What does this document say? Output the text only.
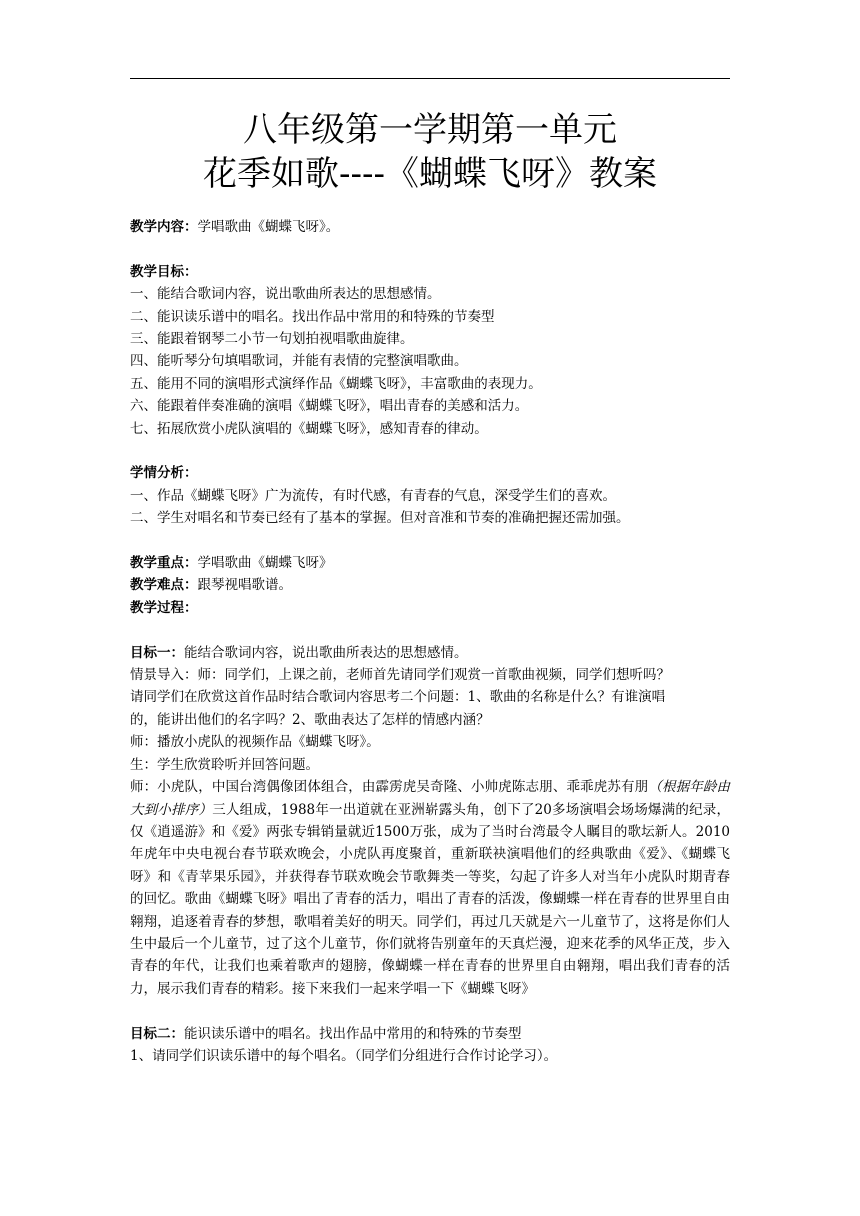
八年级第一学期第一单元
花季如歌----《蝴蝶飞呀》教案

教学内容：学唱歌曲《蝴蝶飞呀》。

教学目标：

一、能结合歌词内容，说出歌曲所表达的思想感情。

二、能识读乐谱中的唱名。找出作品中常用的和特殊的节奏型

三、能跟着钢琴二小节一句划拍视唱歌曲旋律。

四、能听琴分句填唱歌词，并能有表情的完整演唱歌曲。

五、能用不同的演唱形式演绎作品《蝴蝶飞呀》，丰富歌曲的表现力。

六、能跟着伴奏准确的演唱《蝴蝶飞呀》，唱出青春的美感和活力。

七、拓展欣赏小虎队演唱的《蝴蝶飞呀》，感知青春的律动。

学情分析：

一、作品《蝴蝶飞呀》广为流传，有时代感，有青春的气息，深受学生们的喜欢。

二、学生对唱名和节奏已经有了基本的掌握。但对音准和节奏的准确把握还需加强。

教学重点：学唱歌曲《蝴蝶飞呀》

教学难点：跟琴视唱歌谱。

教学过程：

目标一：能结合歌词内容，说出歌曲所表达的思想感情。

情景导入：师：同学们，上课之前，老师首先请同学们观赏一首歌曲视频，同学们想听吗？

请同学们在欣赏这首作品时结合歌词内容思考二个问题：1、歌曲的名称是什么？有谁演唱

的，能讲出他们的名字吗？2、歌曲表达了怎样的情感内涵？

师：播放小虎队的视频作品《蝴蝶飞呀》。

生：学生欣赏聆听并回答问题。

师：小虎队，中国台湾偶像团体组合，由霹雳虎吴奇隆、小帅虎陈志朋、乖乖虎苏有朋（根据年龄由大到小排序）三人组成，1988年一出道就在亚洲崭露头角，创下了20多场演唱会场场爆满的纪录，仅《逍遥游》和《爱》两张专辑销量就近1500万张，成为了当时台湾最令人瞩目的歌坛新人。2010年虎年中央电视台春节联欢晚会，小虎队再度聚首，重新联袂演唱他们的经典歌曲《爱》、《蝴蝶飞呀》和《青苹果乐园》，并获得春节联欢晚会节歌舞类一等奖，勾起了许多人对当年小虎队时期青春的回忆。歌曲《蝴蝶飞呀》唱出了青春的活力，唱出了青春的活泼，像蝴蝶一样在青春的世界里自由翱翔，追逐着青春的梦想，歌唱着美好的明天。同学们，再过几天就是六一儿童节了，这将是你们人生中最后一个儿童节，过了这个儿童节，你们就将告别童年的天真烂漫，迎来花季的风华正茂，步入青春的年代，让我们也乘着歌声的翅膀，像蝴蝶一样在青春的世界里自由翱翔，唱出我们青春的活力，展示我们青春的精彩。接下来我们一起来学唱一下《蝴蝶飞呀》

目标二：能识读乐谱中的唱名。找出作品中常用的和特殊的节奏型

1、请同学们识读乐谱中的每个唱名。（同学们分组进行合作讨论学习）。
